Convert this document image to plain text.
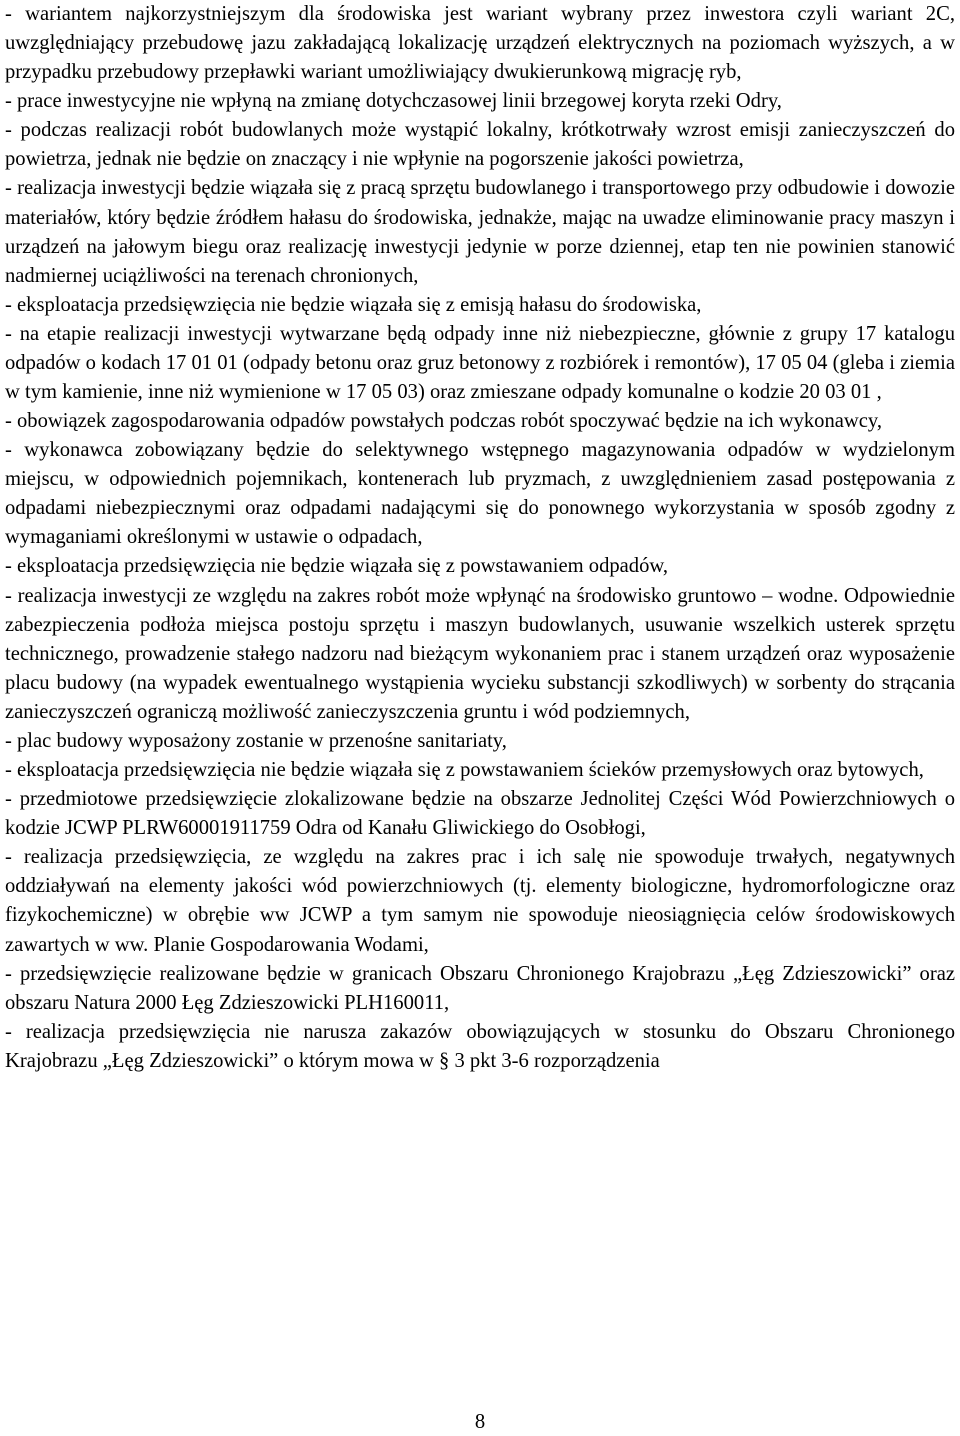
- wariantem najkorzystniejszym dla środowiska jest wariant wybrany przez inwestora czyli wariant 2C, uwzględniający przebudowę jazu zakładającą lokalizację urządzeń elektrycznych na poziomach wyższych, a w przypadku przebudowy przepławki wariant umożliwiający dwukierunkową migrację ryb,

- prace inwestycyjne nie wpłyną na zmianę dotychczasowej linii brzegowej koryta rzeki Odry,

- podczas realizacji robót budowlanych może wystąpić lokalny, krótkotrwały wzrost emisji zanieczyszczeń do powietrza, jednak nie będzie on znaczący i nie wpłynie na pogorszenie jakości powietrza,

- realizacja inwestycji będzie wiązała się z pracą sprzętu budowlanego i transportowego przy odbudowie i dowozie materiałów, który będzie źródłem hałasu do środowiska, jednakże, mając na uwadze eliminowanie pracy maszyn i urządzeń na jałowym biegu oraz realizację inwestycji jedynie w porze dziennej, etap ten nie powinien stanowić nadmiernej uciążliwości na terenach chronionych,

- eksploatacja przedsięwzięcia nie będzie wiązała się z emisją hałasu do środowiska,

- na etapie realizacji inwestycji wytwarzane będą odpady inne niż niebezpieczne, głównie z grupy 17 katalogu odpadów o kodach 17 01 01 (odpady betonu oraz gruz betonowy z rozbiórek i remontów), 17 05 04 (gleba i ziemia w tym kamienie, inne niż wymienione w 17 05 03) oraz zmieszane odpady komunalne o kodzie 20 03 01 ,

- obowiązek zagospodarowania odpadów powstałych podczas robót spoczywać będzie na ich wykonawcy,

- wykonawca zobowiązany będzie do selektywnego wstępnego magazynowania odpadów w wydzielonym miejscu, w odpowiednich pojemnikach, kontenerach lub pryzmach, z uwzględnieniem zasad postępowania z odpadami niebezpiecznymi oraz odpadami nadającymi się do ponownego wykorzystania w sposób zgodny z wymaganiami określonymi w ustawie o odpadach,

- eksploatacja przedsięwzięcia nie będzie wiązała się z powstawaniem odpadów,

- realizacja inwestycji ze względu na zakres robót może wpłynąć na środowisko gruntowo – wodne. Odpowiednie zabezpieczenia podłoża miejsca postoju sprzętu i maszyn budowlanych, usuwanie wszelkich usterek sprzętu technicznego, prowadzenie stałego nadzoru nad bieżącym wykonaniem prac i stanem urządzeń oraz wyposażenie placu budowy (na wypadek ewentualnego wystąpienia wycieku substancji szkodliwych) w sorbenty do strącania zanieczyszczeń ograniczą możliwość zanieczyszczenia gruntu i wód podziemnych,

- plac budowy wyposażony zostanie w przenośne sanitariaty,

- eksploatacja przedsięwzięcia nie będzie wiązała się z powstawaniem ścieków przemysłowych oraz bytowych,

- przedmiotowe przedsięwzięcie zlokalizowane będzie na obszarze Jednolitej Części Wód Powierzchniowych o kodzie JCWP PLRW60001911759 Odra od Kanału Gliwickiego do Osobłogi,

- realizacja przedsięwzięcia, ze względu na zakres prac i ich salę nie spowoduje trwałych, negatywnych oddziaływań na elementy jakości wód powierzchniowych (tj. elementy biologiczne, hydromorfologiczne oraz fizykochemiczne) w obrębie ww JCWP a tym samym nie spowoduje nieosiągnięcia celów środowiskowych zawartych w ww. Planie Gospodarowania Wodami,

- przedsięwzięcie realizowane będzie w granicach Obszaru Chronionego Krajobrazu „Łęg Zdzieszowicki” oraz obszaru Natura 2000 Łęg Zdzieszowicki PLH160011,

- realizacja przedsięwzięcia nie narusza zakazów obowiązujących w stosunku do Obszaru Chronionego Krajobrazu „Łęg Zdzieszowicki” o którym mowa w § 3 pkt 3-6 rozporządzenia

8
